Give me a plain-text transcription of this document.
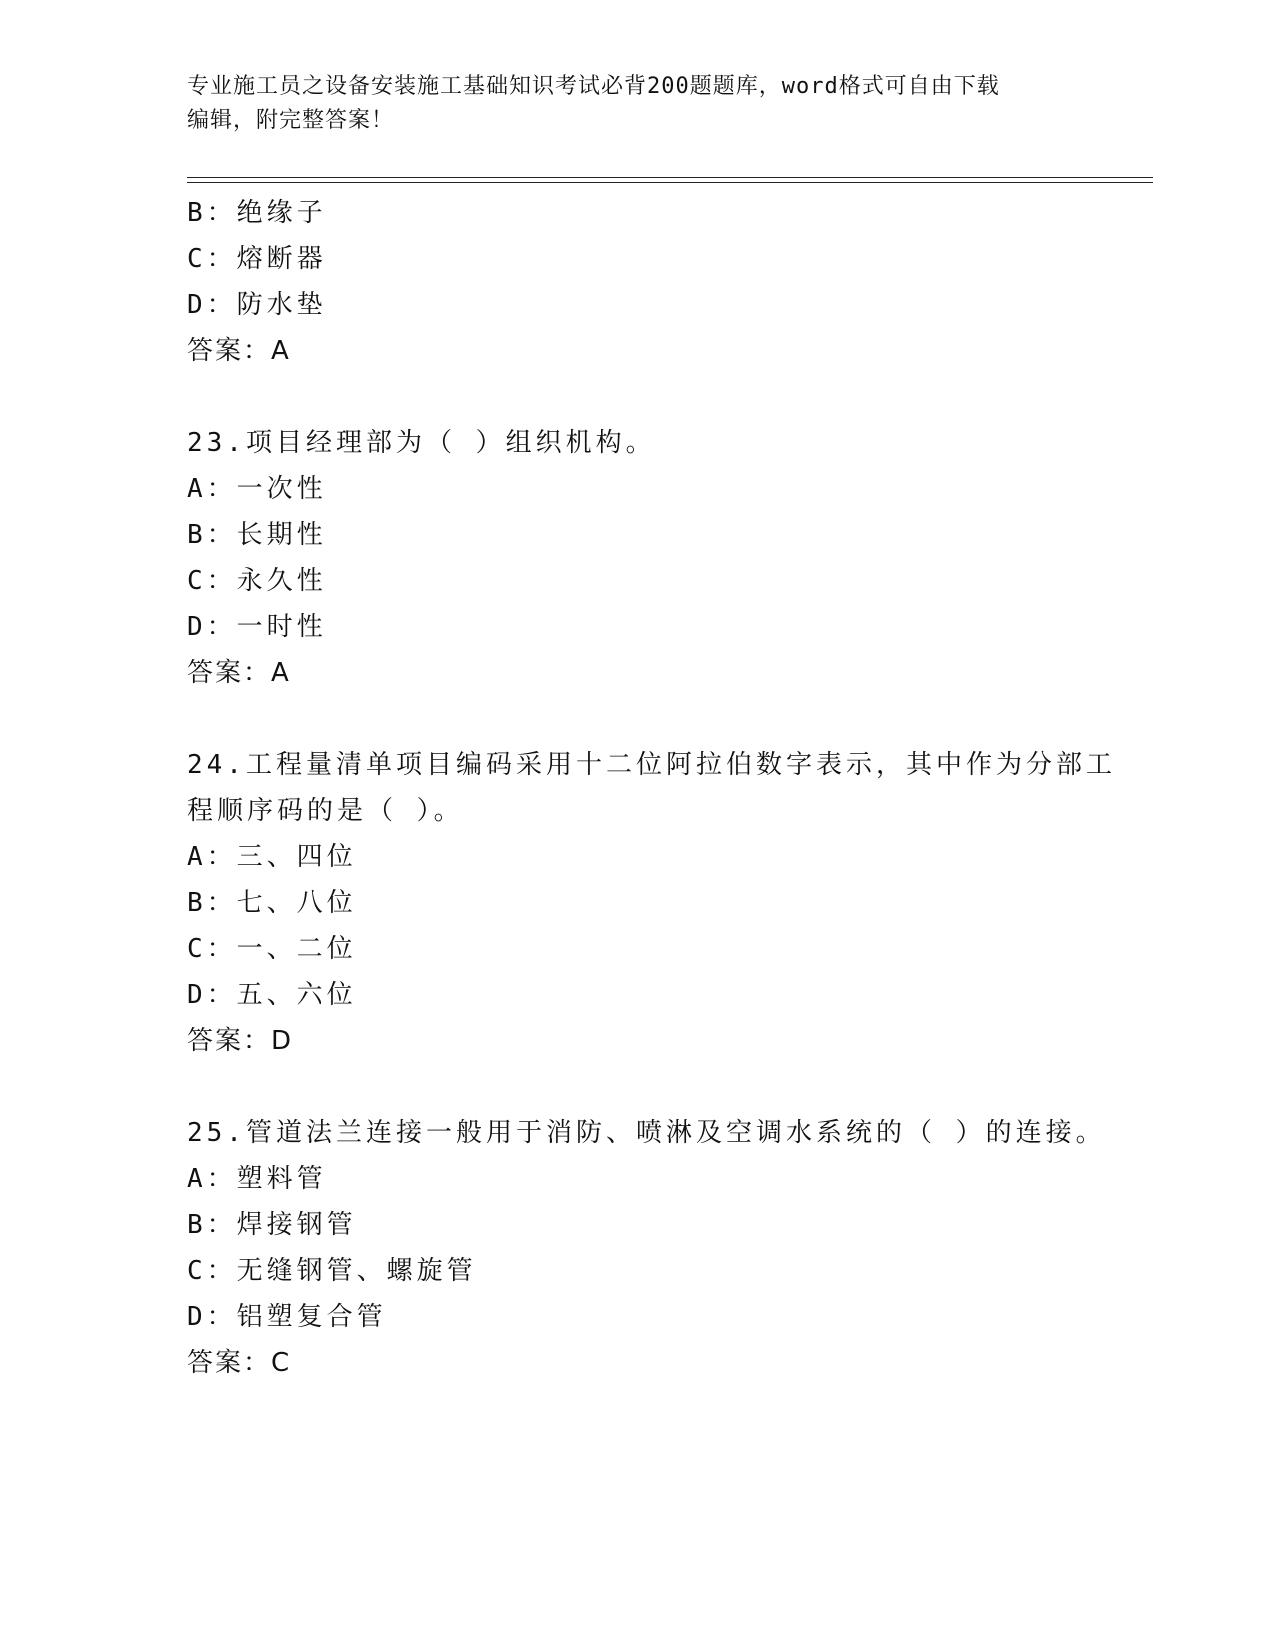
专业施工员之设备安装施工基础知识考试必背200题题库，word格式可自由下载
编辑，附完整答案！
B：绝缘子
C：熔断器
D：防水垫
答案：A
23.项目经理部为（ ）组织机构。
A：一次性
B：长期性
C：永久性
D：一时性
答案：A
24.工程量清单项目编码采用十二位阿拉伯数字表示，其中作为分部工
程顺序码的是（ ）。
A：三、四位
B：七、八位
C：一、二位
D：五、六位
答案：D
25.管道法兰连接一般用于消防、喷淋及空调水系统的（ ）的连接。
A：塑料管
B：焊接钢管
C：无缝钢管、螺旋管
D：铝塑复合管
答案：C
